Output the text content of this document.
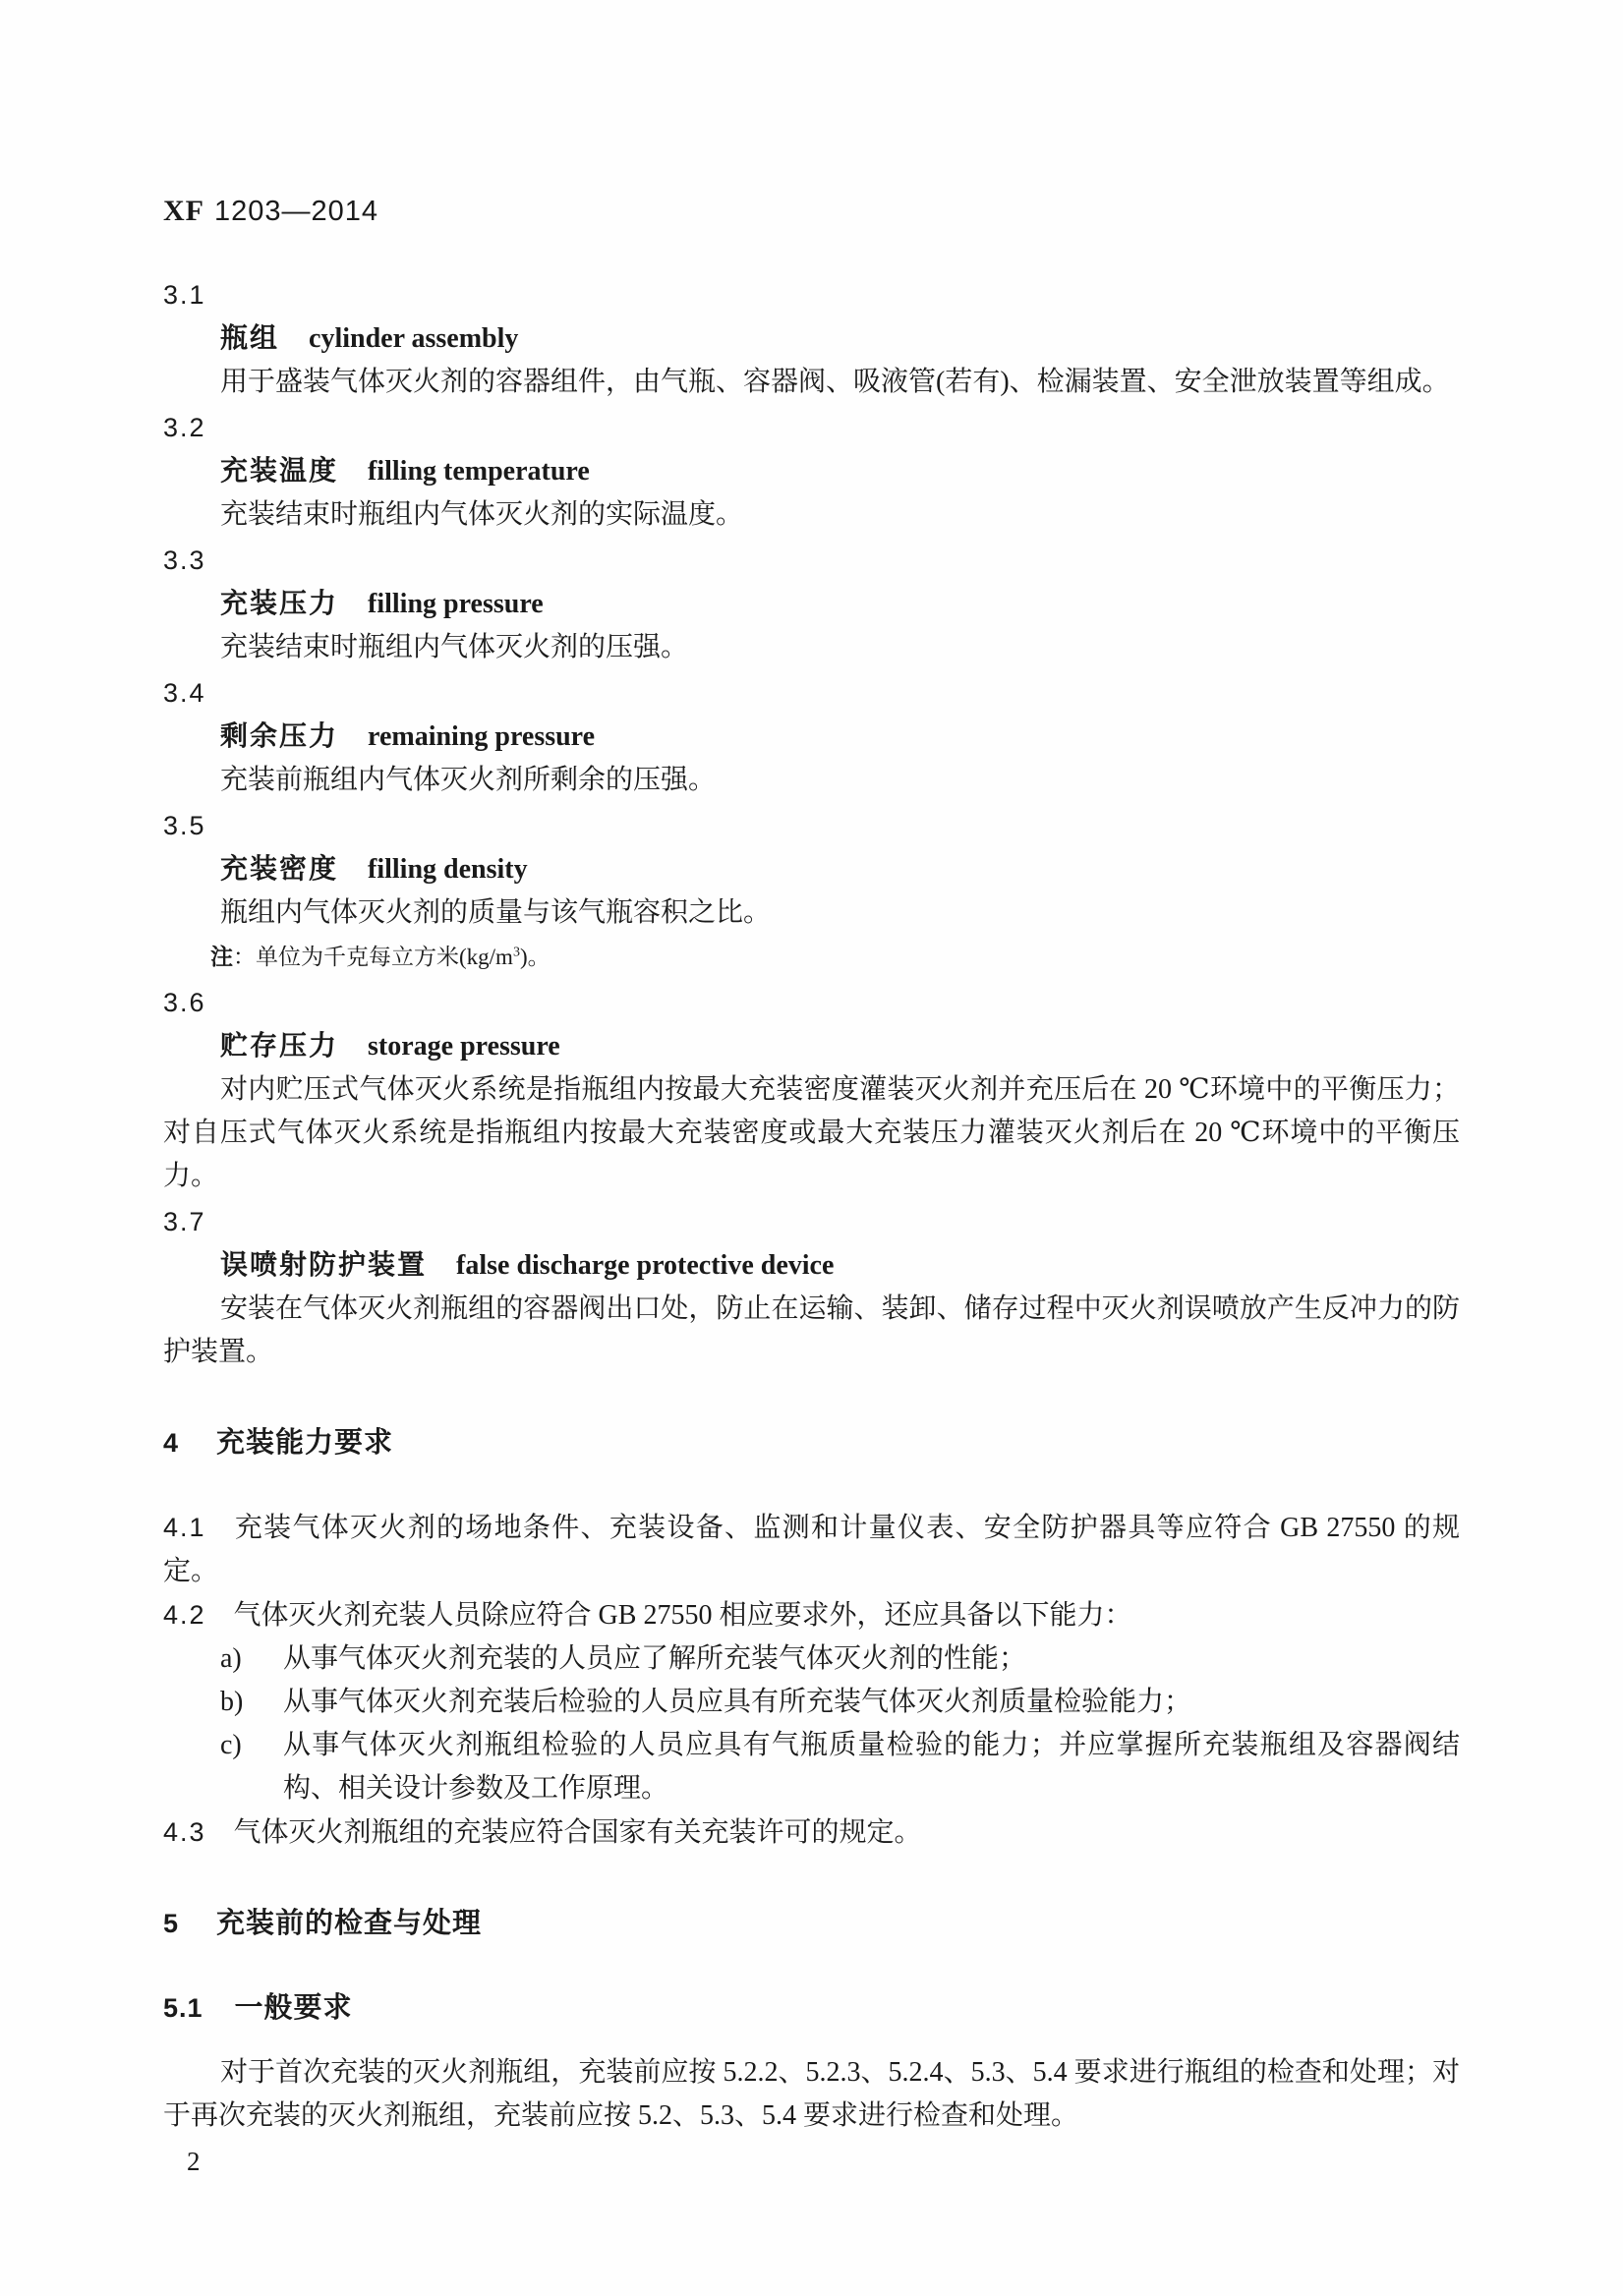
XF 1203—2014
3.1
瓶组 cylinder assembly
用于盛装气体灭火剂的容器组件，由气瓶、容器阀、吸液管(若有)、检漏装置、安全泄放装置等组成。
3.2
充装温度 filling temperature
充装结束时瓶组内气体灭火剂的实际温度。
3.3
充装压力 filling pressure
充装结束时瓶组内气体灭火剂的压强。
3.4
剩余压力 remaining pressure
充装前瓶组内气体灭火剂所剩余的压强。
3.5
充装密度 filling density
瓶组内气体灭火剂的质量与该气瓶容积之比。
注：单位为千克每立方米(kg/m$^3$)。
3.6
贮存压力 storage pressure
对内贮压式气体灭火系统是指瓶组内按最大充装密度灌装灭火剂并充压后在 20 ℃环境中的平衡压力；对自压式气体灭火系统是指瓶组内按最大充装密度或最大充装压力灌装灭火剂后在 20 ℃环境中的平衡压力。
3.7
误喷射防护装置 false discharge protective device
安装在气体灭火剂瓶组的容器阀出口处，防止在运输、装卸、储存过程中灭火剂误喷放产生反冲力的防护装置。
4 充装能力要求
4.1 充装气体灭火剂的场地条件、充装设备、监测和计量仪表、安全防护器具等应符合 GB 27550 的规定。
4.2 气体灭火剂充装人员除应符合 GB 27550 相应要求外，还应具备以下能力：
a)	从事气体灭火剂充装的人员应了解所充装气体灭火剂的性能；
b)	从事气体灭火剂充装后检验的人员应具有所充装气体灭火剂质量检验能力；
c)	从事气体灭火剂瓶组检验的人员应具有气瓶质量检验的能力；并应掌握所充装瓶组及容器阀结构、相关设计参数及工作原理。
4.3 气体灭火剂瓶组的充装应符合国家有关充装许可的规定。
5 充装前的检查与处理
5.1 一般要求
对于首次充装的灭火剂瓶组，充装前应按 5.2.2、5.2.3、5.2.4、5.3、5.4 要求进行瓶组的检查和处理；对于再次充装的灭火剂瓶组，充装前应按 5.2、5.3、5.4 要求进行检查和处理。
2
